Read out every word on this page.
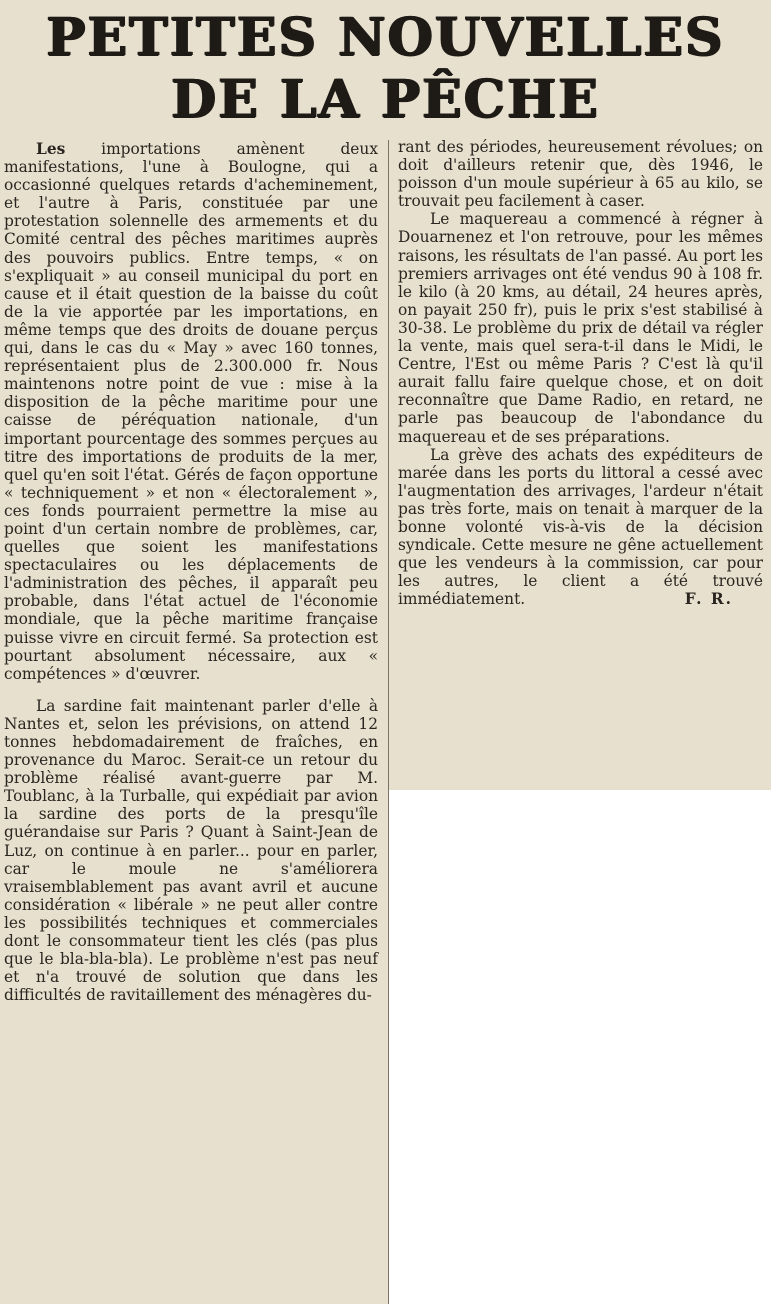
PETITES NOUVELLES
DE LA PÊCHE

Les importations amènent deux manifestations, l'une à Boulogne, qui a occasionné quelques retards d'acheminement, et l'autre à Paris, constituée par une protestation solennelle des armements et du Comité central des pêches maritimes auprès des pouvoirs publics. Entre temps, « on s'expliquait » au conseil municipal du port en cause et il était question de la baisse du coût de la vie apportée par les importations, en même temps que des droits de douane perçus qui, dans le cas du « May » avec 160 tonnes, représentaient plus de 2.300.000 fr. Nous maintenons notre point de vue : mise à la disposition de la pêche maritime pour une caisse de péréquation nationale, d'un important pourcentage des sommes perçues au titre des importations de produits de la mer, quel qu'en soit l'état. Gérés de façon opportune « techniquement » et non « électoralement », ces fonds pourraient permettre la mise au point d'un certain nombre de problèmes, car, quelles que soient les manifestations spectaculaires ou les déplacements de l'administration des pêches, il apparaît peu probable, dans l'état actuel de l'économie mondiale, que la pêche maritime française puisse vivre en circuit fermé. Sa protection est pourtant absolument nécessaire, aux « compétences » d'œuvrer.

La sardine fait maintenant parler d'elle à Nantes et, selon les prévisions, on attend 12 tonnes hebdomadairement de fraîches, en provenance du Maroc. Serait-ce un retour du problème réalisé avant-guerre par M. Toublanc, à la Turballe, qui expédiait par avion la sardine des ports de la presqu'île guérandaise sur Paris ? Quant à Saint-Jean de Luz, on continue à en parler... pour en parler, car le moule ne s'améliorera vraisemblablement pas avant avril et aucune considération « libérale » ne peut aller contre les possibilités techniques et commerciales dont le consommateur tient les clés (pas plus que le bla-bla-bla). Le problème n'est pas neuf et n'a trouvé de solution que dans les difficultés de ravitaillement des ménagères du-

rant des périodes, heureusement révolues; on doit d'ailleurs retenir que, dès 1946, le poisson d'un moule supérieur à 65 au kilo, se trouvait peu facilement à caser.

Le maquereau a commencé à régner à Douarnenez et l'on retrouve, pour les mêmes raisons, les résultats de l'an passé. Au port les premiers arrivages ont été vendus 90 à 108 fr. le kilo (à 20 kms, au détail, 24 heures après, on payait 250 fr), puis le prix s'est stabilisé à 30-38. Le problème du prix de détail va régler la vente, mais quel sera-t-il dans le Midi, le Centre, l'Est ou même Paris ? C'est là qu'il aurait fallu faire quelque chose, et on doit reconnaître que Dame Radio, en retard, ne parle pas beaucoup de l'abondance du maquereau et de ses préparations.

La grève des achats des expéditeurs de marée dans les ports du littoral a cessé avec l'augmentation des arrivages, l'ardeur n'était pas très forte, mais on tenait à marquer de la bonne volonté vis-à-vis de la décision syndicale. Cette mesure ne gêne actuellement que les vendeurs à la commission, car pour les autres, le client a été trouvé immédiatement.	F. R.
